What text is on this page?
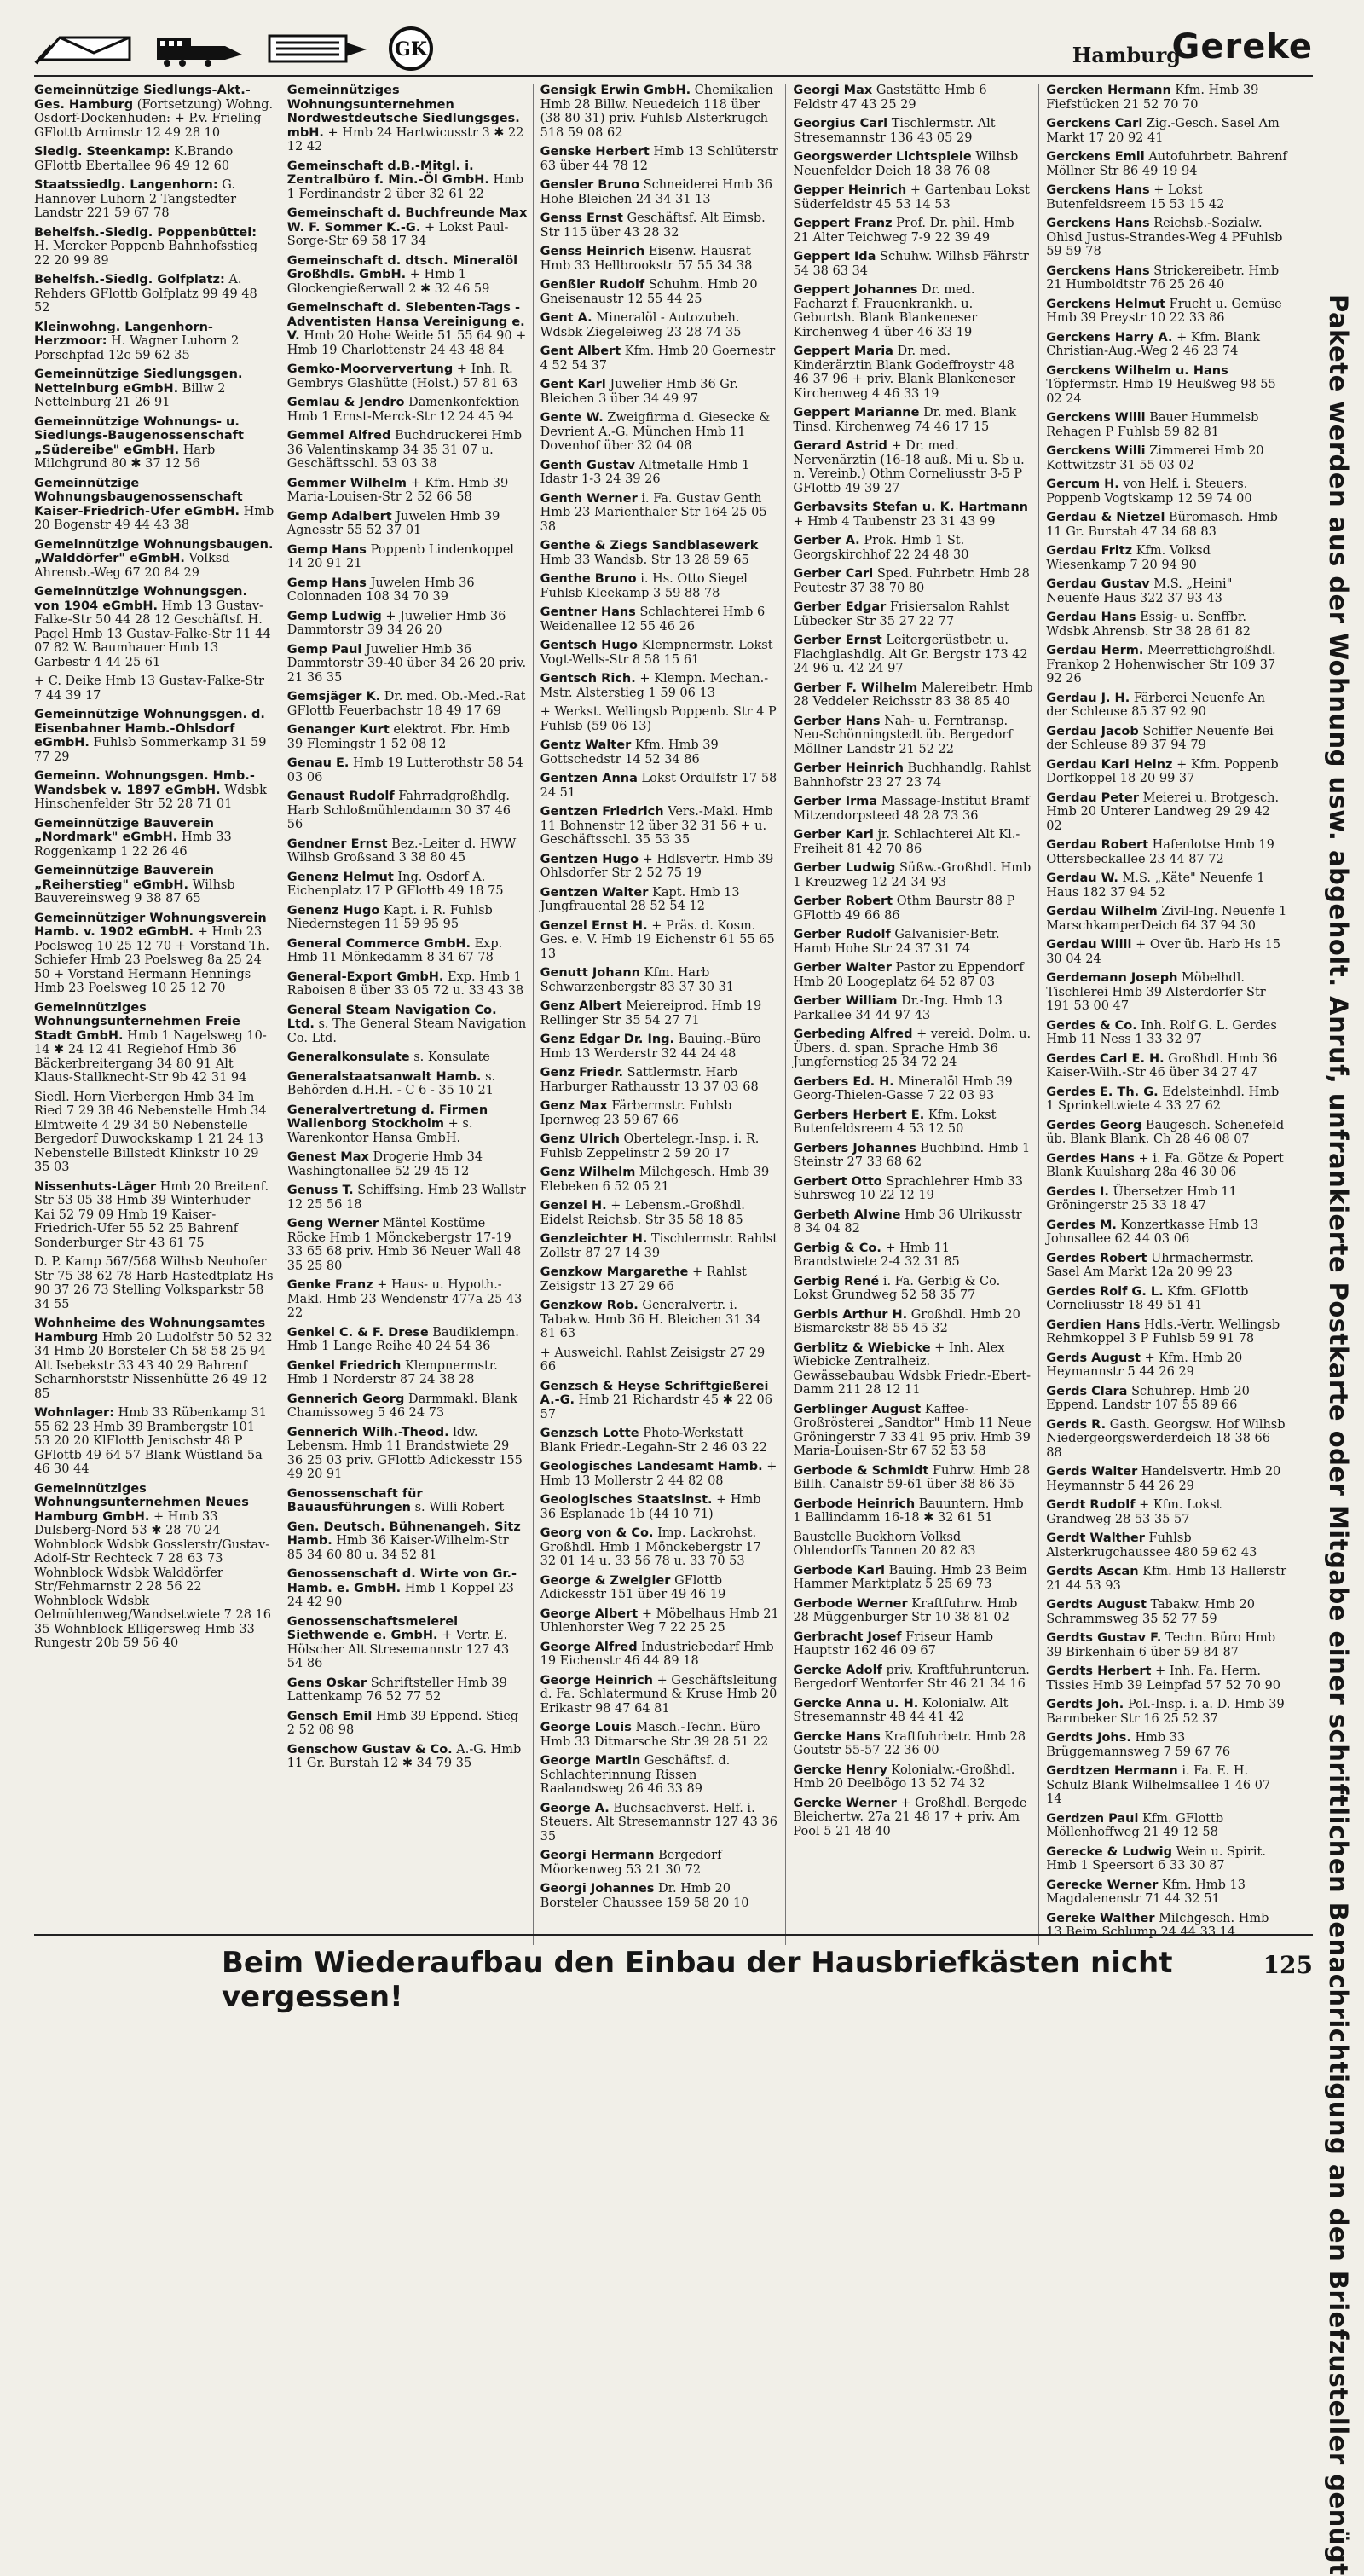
GK	Hamburg
Gereke

Gemeinnützige Siedlungs-Akt.-Ges. Hamburg (Fortsetzung) Wohng. Osdorf-Dockenhuden: + P.v. Frieling GFlottb Arnimstr 12 49 28 10

Siedlg. Steenkamp: K.Brando GFlottb Ebertallee 96 49 12 60

Staatssiedlg. Langenhorn: G. Hannover Luhorn 2 Tangstedter Landstr 221 59 67 78

Behelfsh.-Siedlg. Poppenbüttel: H. Mercker Poppenb Bahnhofsstieg 22 20 99 89

Behelfsh.-Siedlg. Golfplatz: A. Rehders GFlottb Golfplatz 99 49 48 52

Kleinwohng. Langenhorn-Herzmoor: H. Wagner Luhorn 2 Porschpfad 12c 59 62 35

Gemeinnützige Siedlungsgen. Nettelnburg eGmbH. Billw 2 Nettelnburg 21 26 91

Gemeinnützige Wohnungs- u. Siedlungs-Baugenossenschaft „Südereibe" eGmbH. Harb Milchgrund 80 ✱ 37 12 56

Gemeinnützige Wohnungsbaugenossenschaft Kaiser-Friedrich-Ufer eGmbH. Hmb 20 Bogenstr 49 44 43 38

Gemeinnützige Wohnungsbaugen. „Walddörfer" eGmbH. Volksd Ahrensb.-Weg 67 20 84 29

Gemeinnützige Wohnungsgen. von 1904 eGmbH. Hmb 13 Gustav-Falke-Str 50 44 28 12 Geschäftsf. H. Pagel Hmb 13 Gustav-Falke-Str 11 44 07 82 W. Baumhauer Hmb 13 Garbestr 4 44 25 61

+ C. Deike Hmb 13 Gustav-Falke-Str 7 44 39 17

Gemeinnützige Wohnungsgen. d. Eisenbahner Hamb.-Ohlsdorf eGmbH. Fuhlsb Sommerkamp 31 59 77 29

Gemeinn. Wohnungsgen. Hmb.-Wandsbek v. 1897 eGmbH. Wdsbk Hinschenfelder Str 52 28 71 01

Gemeinnützige Bauverein „Nordmark" eGmbH. Hmb 33 Roggenkamp 1 22 26 46

Gemeinnützige Bauverein „Reiherstieg" eGmbH. Wilhsb Bauvereinsweg 9 38 87 65

Gemeinnütziger Wohnungsverein Hamb. v. 1902 eGmbH. + Hmb 23 Poelsweg 10 25 12 70 + Vorstand Th. Schiefer Hmb 23 Poelsweg 8a 25 24 50 + Vorstand Hermann Hennings Hmb 23 Poelsweg 10 25 12 70

Gemeinnütziges Wohnungsunternehmen Freie Stadt GmbH. Hmb 1 Nagelsweg 10-14 ✱ 24 12 41 Regiehof Hmb 36 Bäckerbreitergang 34 80 91 Alt Klaus-Stallknecht-Str 9b 42 31 94

Siedl. Horn Vierbergen Hmb 34 Im Ried 7 29 38 46 Nebenstelle Hmb 34 Elmtweite 4 29 34 50 Nebenstelle Bergedorf Duwockskamp 1 21 24 13 Nebenstelle Billstedt Klinkstr 10 29 35 03

Nissenhuts-Läger Hmb 20 Breitenf. Str 53 05 38 Hmb 39 Winterhuder Kai 52 79 09 Hmb 19 Kaiser-Friedrich-Ufer 55 52 25 Bahrenf Sonderburger Str 43 61 75

D. P. Kamp 567/568 Wilhsb Neuhofer Str 75 38 62 78 Harb Hastedtplatz Hs 90 37 26 73 Stelling Volksparkstr 58 34 55

Wohnheime des Wohnungsamtes Hamburg Hmb 20 Ludolfstr 50 52 32 34 Hmb 20 Borsteler Ch 58 58 25 94 Alt Isebekstr 33 43 40 29 Bahrenf Scharnhorststr Nissenhütte 26 49 12 85

Wohnlager: Hmb 33 Rübenkamp 31 55 62 23 Hmb 39 Brambergstr 101 53 20 20 KlFlottb Jenischstr 48 P GFlottb 49 64 57 Blank Wüstland 5a 46 30 44

Gemeinnütziges Wohnungsunternehmen Neues Hamburg GmbH. + Hmb 33 Dulsberg-Nord 53 ✱ 28 70 24 Wohnblock Wdsbk Gosslerstr/Gustav-Adolf-Str Rechteck 7 28 63 73 Wohnblock Wdsbk Walddörfer Str/Fehmarnstr 2 28 56 22 Wohnblock Wdsbk Oelmühlenweg/Wandsetwiete 7 28 16 35 Wohnblock Elligersweg Hmb 33 Rungestr 20b 59 56 40

Gemeinnütziges Wohnungsunternehmen Nordwestdeutsche Siedlungsges. mbH. + Hmb 24 Hartwicusstr 3 ✱ 22 12 42

Gemeinschaft d.B.-Mitgl. i. Zentralbüro f. Min.-Öl GmbH. Hmb 1 Ferdinandstr 2 über 32 61 22

Gemeinschaft d. Buchfreunde Max W. F. Sommer K.-G. + Lokst Paul-Sorge-Str 69 58 17 34

Gemeinschaft d. dtsch. Mineralöl Großhdls. GmbH. + Hmb 1 Glockengießerwall 2 ✱ 32 46 59

Gemeinschaft d. Siebenten-Tags - Adventisten Hansa Vereinigung e. V. Hmb 20 Hohe Weide 51 55 64 90 + Hmb 19 Charlottenstr 24 43 48 84

Gemko-Moorververtung + Inh. R. Gembrys Glashütte (Holst.) 57 81 63

Gemlau & Jendro Damenkonfektion Hmb 1 Ernst-Merck-Str 12 24 45 94

Gemmel Alfred Buchdruckerei Hmb 36 Valentinskamp 34 35 31 07 u. Geschäftsschl. 53 03 38

Gemmer Wilhelm + Kfm. Hmb 39 Maria-Louisen-Str 2 52 66 58

Gemp Adalbert Juwelen Hmb 39 Agnesstr 55 52 37 01

Gemp Hans Poppenb Lindenkoppel 14 20 91 21

Gemp Hans Juwelen Hmb 36 Colonnaden 108 34 70 39

Gemp Ludwig + Juwelier Hmb 36 Dammtorstr 39 34 26 20

Gemp Paul Juwelier Hmb 36 Dammtorstr 39-40 über 34 26 20 priv. 21 36 35

Gemsjäger K. Dr. med. Ob.-Med.-Rat GFlottb Feuerbachstr 18 49 17 69

Genanger Kurt elektrot. Fbr. Hmb 39 Flemingstr 1 52 08 12

Genau E. Hmb 19 Lutterothstr 58 54 03 06

Genaust Rudolf Fahrradgroßhdlg. Harb Schloßmühlendamm 30 37 46 56

Gendner Ernst Bez.-Leiter d. HWW Wilhsb Großsand 3 38 80 45

Genenz Helmut Ing. Osdorf A. Eichenplatz 17 P GFlottb 49 18 75

Genenz Hugo Kapt. i. R. Fuhlsb Niedernstegen 11 59 95 95

General Commerce GmbH. Exp. Hmb 11 Mönkedamm 8 34 67 78

General-Export GmbH. Exp. Hmb 1 Raboisen 8 über 33 05 72 u. 33 43 38

General Steam Navigation Co. Ltd. s. The General Steam Navigation Co. Ltd.

Generalkonsulate s. Konsulate

Generalstaatsanwalt Hamb. s. Behörden d.H.H. - C 6 - 35 10 21

Generalvertretung d. Firmen Wallenborg Stockholm + s. Warenkontor Hansa GmbH.

Genest Max Drogerie Hmb 34 Washingtonallee 52 29 45 12

Genuss T. Schiffsing. Hmb 23 Wallstr 12 25 56 18

Geng Werner Mäntel Kostüme Röcke Hmb 1 Mönckebergstr 17-19 33 65 68 priv. Hmb 36 Neuer Wall 48 35 25 80

Genke Franz + Haus- u. Hypoth.-Makl. Hmb 23 Wendenstr 477a 25 43 22

Genkel C. & F. Drese Baudiklempn. Hmb 1 Lange Reihe 40 24 54 36

Genkel Friedrich Klempnermstr. Hmb 1 Norderstr 87 24 38 28

Gennerich Georg Darmmakl. Blank Chamissoweg 5 46 24 73

Gennerich Wilh.-Theod. ldw. Lebensm. Hmb 11 Brandstwiete 29 36 25 03 priv. GFlottb Adickesstr 155 49 20 91

Genossenschaft für Bauausführungen s. Willi Robert

Gen. Deutsch. Bühnenangeh. Sitz Hamb. Hmb 36 Kaiser-Wilhelm-Str 85 34 60 80 u. 34 52 81

Genossenschaft d. Wirte von Gr.-Hamb. e. GmbH. Hmb 1 Koppel 23 24 42 90

Genossenschaftsmeierei Siethwende e. GmbH. + Vertr. E. Hölscher Alt Stresemannstr 127 43 54 86

Gens Oskar Schriftsteller Hmb 39 Lattenkamp 76 52 77 52

Gensch Emil Hmb 39 Eppend. Stieg 2 52 08 98

Genschow Gustav & Co. A.-G. Hmb 11 Gr. Burstah 12 ✱ 34 79 35

Gensigk Erwin GmbH. Chemikalien Hmb 28 Billw. Neuedeich 118 über (38 80 31) priv. Fuhlsb Alsterkrugch 518 59 08 62

Genske Herbert Hmb 13 Schlüterstr 63 über 44 78 12

Gensler Bruno Schneiderei Hmb 36 Hohe Bleichen 24 34 31 13

Genss Ernst Geschäftsf. Alt Eimsb. Str 115 über 43 28 32

Genss Heinrich Eisenw. Hausrat Hmb 33 Hellbrookstr 57 55 34 38

Genßler Rudolf Schuhm. Hmb 20 Gneisenaustr 12 55 44 25

Gent A. Mineralöl - Autozubeh. Wdsbk Ziegeleiweg 23 28 74 35

Gent Albert Kfm. Hmb 20 Goernestr 4 52 54 37

Gent Karl Juwelier Hmb 36 Gr. Bleichen 3 über 34 49 97

Gente W. Zweigfirma d. Giesecke & Devrient A.-G. München Hmb 11 Dovenhof über 32 04 08

Genth Gustav Altmetalle Hmb 1 Idastr 1-3 24 39 26

Genth Werner i. Fa. Gustav Genth Hmb 23 Marienthaler Str 164 25 05 38

Genthe & Ziegs Sandblasewerk Hmb 33 Wandsb. Str 13 28 59 65

Genthe Bruno i. Hs. Otto Siegel Fuhlsb Kleekamp 3 59 88 78

Gentner Hans Schlachterei Hmb 6 Weidenallee 12 55 46 26

Gentsch Hugo Klempnermstr. Lokst Vogt-Wells-Str 8 58 15 61

Gentsch Rich. + Klempn. Mechan.-Mstr. Alsterstieg 1 59 06 13

+ Werkst. Wellingsb Poppenb. Str 4 P Fuhlsb (59 06 13)

Gentz Walter Kfm. Hmb 39 Gottschedstr 14 52 34 86

Gentzen Anna Lokst Ordulfstr 17 58 24 51

Gentzen Friedrich Vers.-Makl. Hmb 11 Bohnenstr 12 über 32 31 56 + u. Geschäftsschl. 35 53 35

Gentzen Hugo + Hdlsvertr. Hmb 39 Ohlsdorfer Str 2 52 75 19

Gentzen Walter Kapt. Hmb 13 Jungfrauental 28 52 54 12

Genzel Ernst H. + Präs. d. Kosm. Ges. e. V. Hmb 19 Eichenstr 61 55 65 13

Genutt Johann Kfm. Harb Schwarzenbergstr 83 37 30 31

Genz Albert Meiereiprod. Hmb 19 Rellinger Str 35 54 27 71

Genz Edgar Dr. Ing. Bauing.-Büro Hmb 13 Werderstr 32 44 24 48

Genz Friedr. Sattlermstr. Harb Harburger Rathausstr 13 37 03 68

Genz Max Färbermstr. Fuhlsb Ipernweg 23 59 67 66

Genz Ulrich Obertelegr.-Insp. i. R. Fuhlsb Zeppelinstr 2 59 20 17

Genz Wilhelm Milchgesch. Hmb 39 Elebeken 6 52 05 21

Genzel H. + Lebensm.-Großhdl. Eidelst Reichsb. Str 35 58 18 85

Genzleichter H. Tischlermstr. Rahlst Zollstr 87 27 14 39

Genzkow Margarethe + Rahlst Zeisigstr 13 27 29 66

Genzkow Rob. Generalvertr. i. Tabakw. Hmb 36 H. Bleichen 31 34 81 63

+ Ausweichl. Rahlst Zeisigstr 27 29 66

Genzsch & Heyse Schriftgießerei A.-G. Hmb 21 Richardstr 45 ✱ 22 06 57

Genzsch Lotte Photo-Werkstatt Blank Friedr.-Legahn-Str 2 46 03 22

Geologisches Landesamt Hamb. + Hmb 13 Mollerstr 2 44 82 08

Geologisches Staatsinst. + Hmb 36 Esplanade 1b (44 10 71)

Georg von & Co. Imp. Lackrohst. Großhdl. Hmb 1 Mönckebergstr 17 32 01 14 u. 33 56 78 u. 33 70 53

George & Zweigler GFlottb Adickesstr 151 über 49 46 19

George Albert + Möbelhaus Hmb 21 Uhlenhorster Weg 7 22 25 25

George Alfred Industriebedarf Hmb 19 Eichenstr 46 44 89 18

George Heinrich + Geschäftsleitung d. Fa. Schlatermund & Kruse Hmb 20 Erikastr 98 47 64 81

George Louis Masch.-Techn. Büro Hmb 33 Ditmarsche Str 39 28 51 22

George Martin Geschäftsf. d. Schlachterinnung Rissen Raalandsweg 26 46 33 89

George A. Buchsachverst. Helf. i. Steuers. Alt Stresemannstr 127 43 36 35

Georgi Hermann Bergedorf Möorkenweg 53 21 30 72

Georgi Johannes Dr. Hmb 20 Borsteler Chaussee 159 58 20 10

Georgi Max Gaststätte Hmb 6 Feldstr 47 43 25 29

Georgius Carl Tischlermstr. Alt Stresemannstr 136 43 05 29

Georgswerder Lichtspiele Wilhsb Neuenfelder Deich 18 38 76 08

Gepper Heinrich + Gartenbau Lokst Süderfeldstr 45 53 14 53

Geppert Franz Prof. Dr. phil. Hmb 21 Alter Teichweg 7-9 22 39 49

Geppert Ida Schuhw. Wilhsb Fährstr 54 38 63 34

Geppert Johannes Dr. med. Facharzt f. Frauenkrankh. u. Geburtsh. Blank Blankeneser Kirchenweg 4 über 46 33 19

Geppert Maria Dr. med. Kinderärztin Blank Godeffroystr 48 46 37 96 + priv. Blank Blankeneser Kirchenweg 4 46 33 19

Geppert Marianne Dr. med. Blank Tinsd. Kirchenweg 74 46 17 15

Gerard Astrid + Dr. med. Nervenärztin (16-18 auß. Mi u. Sb u. n. Vereinb.) Othm Corneliusstr 3-5 P GFlottb 49 39 27

Gerbavsits Stefan u. K. Hartmann + Hmb 4 Taubenstr 23 31 43 99

Gerber A. Prok. Hmb 1 St. Georgskirchhof 22 24 48 30

Gerber Carl Sped. Fuhrbetr. Hmb 28 Peutestr 37 38 70 80

Gerber Edgar Frisiersalon Rahlst Lübecker Str 35 27 22 77

Gerber Ernst Leitergerüstbetr. u. Flachglashdlg. Alt Gr. Bergstr 173 42 24 96 u. 42 24 97

Gerber F. Wilhelm Malereibetr. Hmb 28 Veddeler Reichsstr 83 38 85 40

Gerber Hans Nah- u. Ferntransp. Neu-Schönningstedt üb. Bergedorf Möllner Landstr 21 52 22

Gerber Heinrich Buchhandlg. Rahlst Bahnhofstr 23 27 23 74

Gerber Irma Massage-Institut Bramf Mitzendorpsteed 48 28 73 36

Gerber Karl jr. Schlachterei Alt Kl.-Freiheit 81 42 70 86

Gerber Ludwig Süßw.-Großhdl. Hmb 1 Kreuzweg 12 24 34 93

Gerber Robert Othm Baurstr 88 P GFlottb 49 66 86

Gerber Rudolf Galvanisier-Betr. Hamb Hohe Str 24 37 31 74

Gerber Walter Pastor zu Eppendorf Hmb 20 Loogeplatz 64 52 87 03

Gerber William Dr.-Ing. Hmb 13 Parkallee 34 44 97 43

Gerbeding Alfred + vereid. Dolm. u. Übers. d. span. Sprache Hmb 36 Jungfernstieg 25 34 72 24

Gerbers Ed. H. Mineralöl Hmb 39 Georg-Thielen-Gasse 7 22 03 93

Gerbers Herbert E. Kfm. Lokst Butenfeldsreem 4 53 12 50

Gerbers Johannes Buchbind. Hmb 1 Steinstr 27 33 68 62

Gerbert Otto Sprachlehrer Hmb 33 Suhrsweg 10 22 12 19

Gerbeth Alwine Hmb 36 Ulrikusstr 8 34 04 82

Gerbig & Co. + Hmb 11 Brandstwiete 2-4 32 31 85

Gerbig René i. Fa. Gerbig & Co. Lokst Grundweg 52 58 35 77

Gerbis Arthur H. Großhdl. Hmb 20 Bismarckstr 88 55 45 32

Gerblitz & Wiebicke + Inh. Alex Wiebicke Zentralheiz. Gewässebaubau Wdsbk Friedr.-Ebert-Damm 211 28 12 11

Gerblinger August Kaffee-Großrösterei „Sandtor" Hmb 11 Neue Gröningerstr 7 33 41 95 priv. Hmb 39 Maria-Louisen-Str 67 52 53 58

Gerbode & Schmidt Fuhrw. Hmb 28 Billh. Canalstr 59-61 über 38 86 35

Gerbode Heinrich Bauuntern. Hmb 1 Ballindamm 16-18 ✱ 32 61 51

Baustelle Buckhorn Volksd Ohlendorffs Tannen 20 82 83

Gerbode Karl Bauing. Hmb 23 Beim Hammer Marktplatz 5 25 69 73

Gerbode Werner Kraftfuhrw. Hmb 28 Müggenburger Str 10 38 81 02

Gerbracht Josef Friseur Hamb Hauptstr 162 46 09 67

Gercke Adolf priv. Kraftfuhrunterun. Bergedorf Wentorfer Str 46 21 34 16

Gercke Anna u. H. Kolonialw. Alt Stresemannstr 48 44 41 42

Gercke Hans Kraftfuhrbetr. Hmb 28 Goutstr 55-57 22 36 00

Gercke Henry Kolonialw.-Großhdl. Hmb 20 Deelbögo 13 52 74 32

Gercke Werner + Großhdl. Bergede Bleichertw. 27a 21 48 17 + priv. Am Pool 5 21 48 40

Gercken Hermann Kfm. Hmb 39 Fiefstücken 21 52 70 70

Gerckens Carl Zig.-Gesch. Sasel Am Markt 17 20 92 41

Gerckens Emil Autofuhrbetr. Bahrenf Möllner Str 86 49 19 94

Gerckens Hans + Lokst Butenfeldsreem 15 53 15 42

Gerckens Hans Reichsb.-Sozialw. Ohlsd Justus-Strandes-Weg 4 PFuhlsb 59 59 78

Gerckens Hans Strickereibetr. Hmb 21 Humboldtstr 76 25 26 40

Gerckens Helmut Frucht u. Gemüse Hmb 39 Preystr 10 22 33 86

Gerckens Harry A. + Kfm. Blank Christian-Aug.-Weg 2 46 23 74

Gerckens Wilhelm u. Hans Töpfermstr. Hmb 19 Heußweg 98 55 02 24

Gerckens Willi Bauer Hummelsb Rehagen P Fuhlsb 59 82 81

Gerckens Willi Zimmerei Hmb 20 Kottwitzstr 31 55 03 02

Gercum H. von Helf. i. Steuers. Poppenb Vogtskamp 12 59 74 00

Gerdau & Nietzel Büromasch. Hmb 11 Gr. Burstah 47 34 68 83

Gerdau Fritz Kfm. Volksd Wiesenkamp 7 20 94 90

Gerdau Gustav M.S. „Heini" Neuenfe Haus 322 37 93 43

Gerdau Hans Essig- u. Senffbr. Wdsbk Ahrensb. Str 38 28 61 82

Gerdau Herm. Meerrettichgroßhdl. Frankop 2 Hohenwischer Str 109 37 92 26

Gerdau J. H. Färberei Neuenfe An der Schleuse 85 37 92 90

Gerdau Jacob Schiffer Neuenfe Bei der Schleuse 89 37 94 79

Gerdau Karl Heinz + Kfm. Poppenb Dorfkoppel 18 20 99 37

Gerdau Peter Meierei u. Brotgesch. Hmb 20 Unterer Landweg 29 29 42 02

Gerdau Robert Hafenlotse Hmb 19 Ottersbeckallee 23 44 87 72

Gerdau W. M.S. „Käte" Neuenfe 1 Haus 182 37 94 52

Gerdau Wilhelm Zivil-Ing. Neuenfe 1 MarschkamperDeich 64 37 94 30

Gerdau Willi + Over üb. Harb Hs 15 30 04 24

Gerdemann Joseph Möbelhdl. Tischlerei Hmb 39 Alsterdorfer Str 191 53 00 47

Gerdes & Co. Inh. Rolf G. L. Gerdes Hmb 11 Ness 1 33 32 97

Gerdes Carl E. H. Großhdl. Hmb 36 Kaiser-Wilh.-Str 46 über 34 27 47

Gerdes E. Th. G. Edelsteinhdl. Hmb 1 Sprinkeltwiete 4 33 27 62

Gerdes Georg Baugesch. Schenefeld üb. Blank Blank. Ch 28 46 08 07

Gerdes Hans + i. Fa. Götze & Popert Blank Kuulsharg 28a 46 30 06

Gerdes I. Übersetzer Hmb 11 Gröningerstr 25 33 18 47

Gerdes M. Konzertkasse Hmb 13 Johnsallee 62 44 03 06

Gerdes Robert Uhrmachermstr. Sasel Am Markt 12a 20 99 23

Gerdes Rolf G. L. Kfm. GFlottb Corneliusstr 18 49 51 41

Gerdien Hans Hdls.-Vertr. Wellingsb Rehmkoppel 3 P Fuhlsb 59 91 78

Gerds August + Kfm. Hmb 20 Heymannstr 5 44 26 29

Gerds Clara Schuhrep. Hmb 20 Eppend. Landstr 107 55 89 66

Gerds R. Gasth. Georgsw. Hof Wilhsb Niedergeorgswerderdeich 18 38 66 88

Gerds Walter Handelsvertr. Hmb 20 Heymannstr 5 44 26 29

Gerdt Rudolf + Kfm. Lokst Grandweg 28 53 35 57

Gerdt Walther Fuhlsb Alsterkrugchaussee 480 59 62 43

Gerdts Ascan Kfm. Hmb 13 Hallerstr 21 44 53 93

Gerdts August Tabakw. Hmb 20 Schrammsweg 35 52 77 59

Gerdts Gustav F. Techn. Büro Hmb 39 Birkenhain 6 über 59 84 87

Gerdts Herbert + Inh. Fa. Herm. Tissies Hmb 39 Leinpfad 57 52 70 90

Gerdts Joh. Pol.-Insp. i. a. D. Hmb 39 Barmbeker Str 16 25 52 37

Gerdts Johs. Hmb 33 Brüggemannsweg 7 59 67 76

Gerdtzen Hermann i. Fa. E. H. Schulz Blank Wilhelmsallee 1 46 07 14

Gerdzen Paul Kfm. GFlottb Möllenhoffweg 21 49 12 58

Gerecke & Ludwig Wein u. Spirit. Hmb 1 Speersort 6 33 30 87

Gerecke Werner Kfm. Hmb 13 Magdalenenstr 71 44 32 51

Gereke Walther Milchgesch. Hmb 13 Beim Schlump 24 44 33 14	Pakete werden aus der Wohnung usw. abgeholt. Anruf, unfrankierte Postkarte oder Mitgabe einer schriftlichen Benachrichtigung an den Briefzusteller genügt
Beim Wiederaufbau den Einbau der Hausbriefkästen nicht vergessen!
125
